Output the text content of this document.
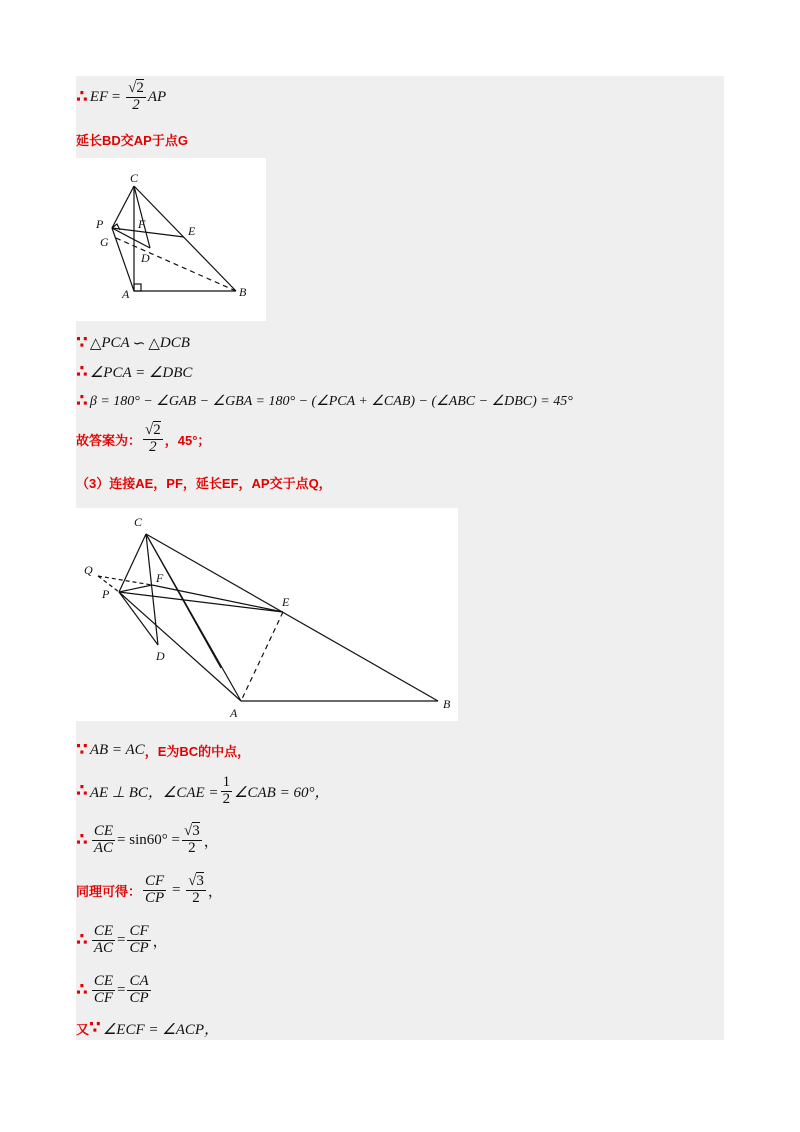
∴ EF = $\frac{√2}{2}$ AP
延长BD交AP于点G
C
P	F	E
G
D
A	B
∵ △ PCA ∽ △ DCB
∴ ∠PCA = ∠DBC
∴ β = 180° − ∠GAB − ∠GBA = 180° − (∠PCA + ∠CAB) − (∠ABC − ∠DBC) = 45°
故答案为： $\frac{√2}{2}$ ，45°；
（3）连接AE，PF，延长EF，AP交于点Q，
C
Q
F
P
E
D
A
B
∵ AB = AC ，E为BC的中点，
∴ AE ⊥ BC，∠CAE = $\frac{1}{2}$ ∠CAB = 60°，
∴ $\frac{CE}{AC} = \sin 60^\circ = \frac{√3}{2}$ ，
同理可得： $\frac{CF}{CP} = \frac{√3}{2}$ ，
∴ $\frac{CE}{AC} = \frac{CF}{CP}$ ，
∴ $\frac{CE}{CF} = \frac{CA}{CP}$
又 ∵ ∠ECF = ∠ACP，
